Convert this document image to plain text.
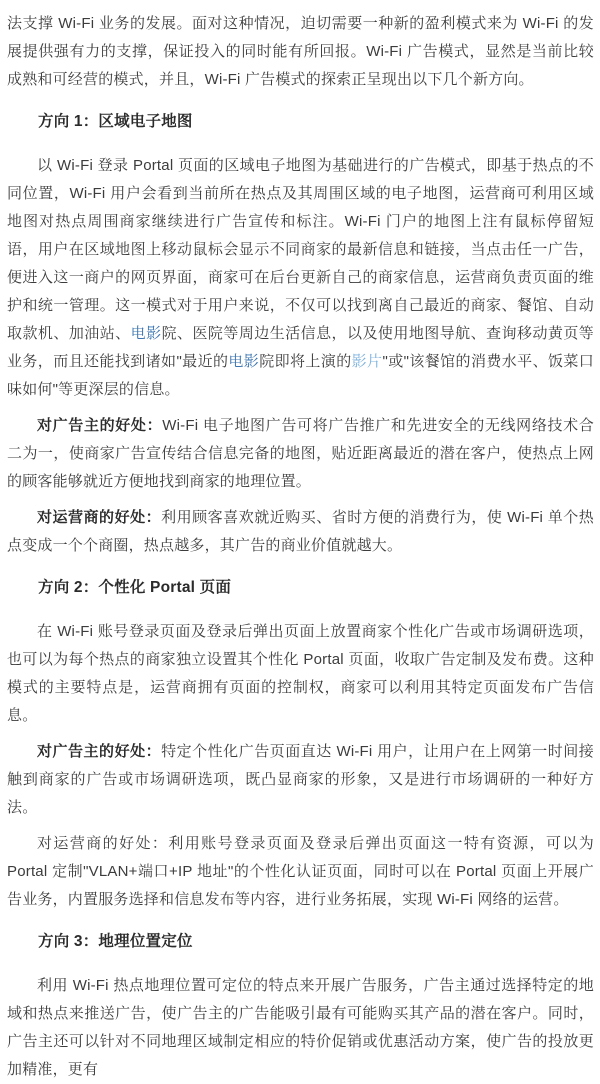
法支撑 Wi-Fi 业务的发展。面对这种情况，迫切需要一种新的盈利模式来为 Wi-Fi 的发展提供强有力的支撑，保证投入的同时能有所回报。Wi-Fi 广告模式，显然是当前比较成熟和可经营的模式，并且，Wi-Fi 广告模式的探索正呈现出以下几个新方向。

方向 1：区域电子地图

以 Wi-Fi 登录 Portal 页面的区域电子地图为基础进行的广告模式，即基于热点的不同位置，Wi-Fi 用户会看到当前所在热点及其周围区域的电子地图，运营商可利用区域地图对热点周围商家继续进行广告宣传和标注。Wi-Fi 门户的地图上注有鼠标停留短语，用户在区域地图上移动鼠标会显示不同商家的最新信息和链接，当点击任一广告，便进入这一商户的网页界面，商家可在后台更新自己的商家信息，运营商负责页面的维护和统一管理。这一模式对于用户来说，不仅可以找到离自己最近的商家、餐馆、自动取款机、加油站、电影院、医院等周边生活信息，以及使用地图导航、查询移动黄页等业务，而且还能找到诸如"最近的电影院即将上演的影片"或"该餐馆的消费水平、饭菜口味如何"等更深层的信息。

对广告主的好处：Wi-Fi 电子地图广告可将广告推广和先进安全的无线网络技术合二为一，使商家广告宣传结合信息完备的地图，贴近距离最近的潜在客户，使热点上网的顾客能够就近方便地找到商家的地理位置。

对运营商的好处：利用顾客喜欢就近购买、省时方便的消费行为，使 Wi-Fi 单个热点变成一个个商圈，热点越多，其广告的商业价值就越大。

方向 2：个性化 Portal 页面

在 Wi-Fi 账号登录页面及登录后弹出页面上放置商家个性化广告或市场调研选项，也可以为每个热点的商家独立设置其个性化 Portal 页面，收取广告定制及发布费。这种模式的主要特点是，运营商拥有页面的控制权，商家可以利用其特定页面发布广告信息。

对广告主的好处：特定个性化广告页面直达 Wi-Fi 用户，让用户在上网第一时间接触到商家的广告或市场调研选项，既凸显商家的形象，又是进行市场调研的一种好方法。

对运营商的好处：利用账号登录页面及登录后弹出页面这一特有资源，可以为 Portal 定制"VLAN+端口+IP 地址"的个性化认证页面，同时可以在 Portal 页面上开展广告业务，内置服务选择和信息发布等内容，进行业务拓展，实现 Wi-Fi 网络的运营。

方向 3：地理位置定位

利用 Wi-Fi 热点地理位置可定位的特点来开展广告服务，广告主通过选择特定的地域和热点来推送广告，使广告主的广告能吸引最有可能购买其产品的潜在客户。同时，广告主还可以针对不同地理区域制定相应的特价促销或优惠活动方案，使广告的投放更加精准，更有
